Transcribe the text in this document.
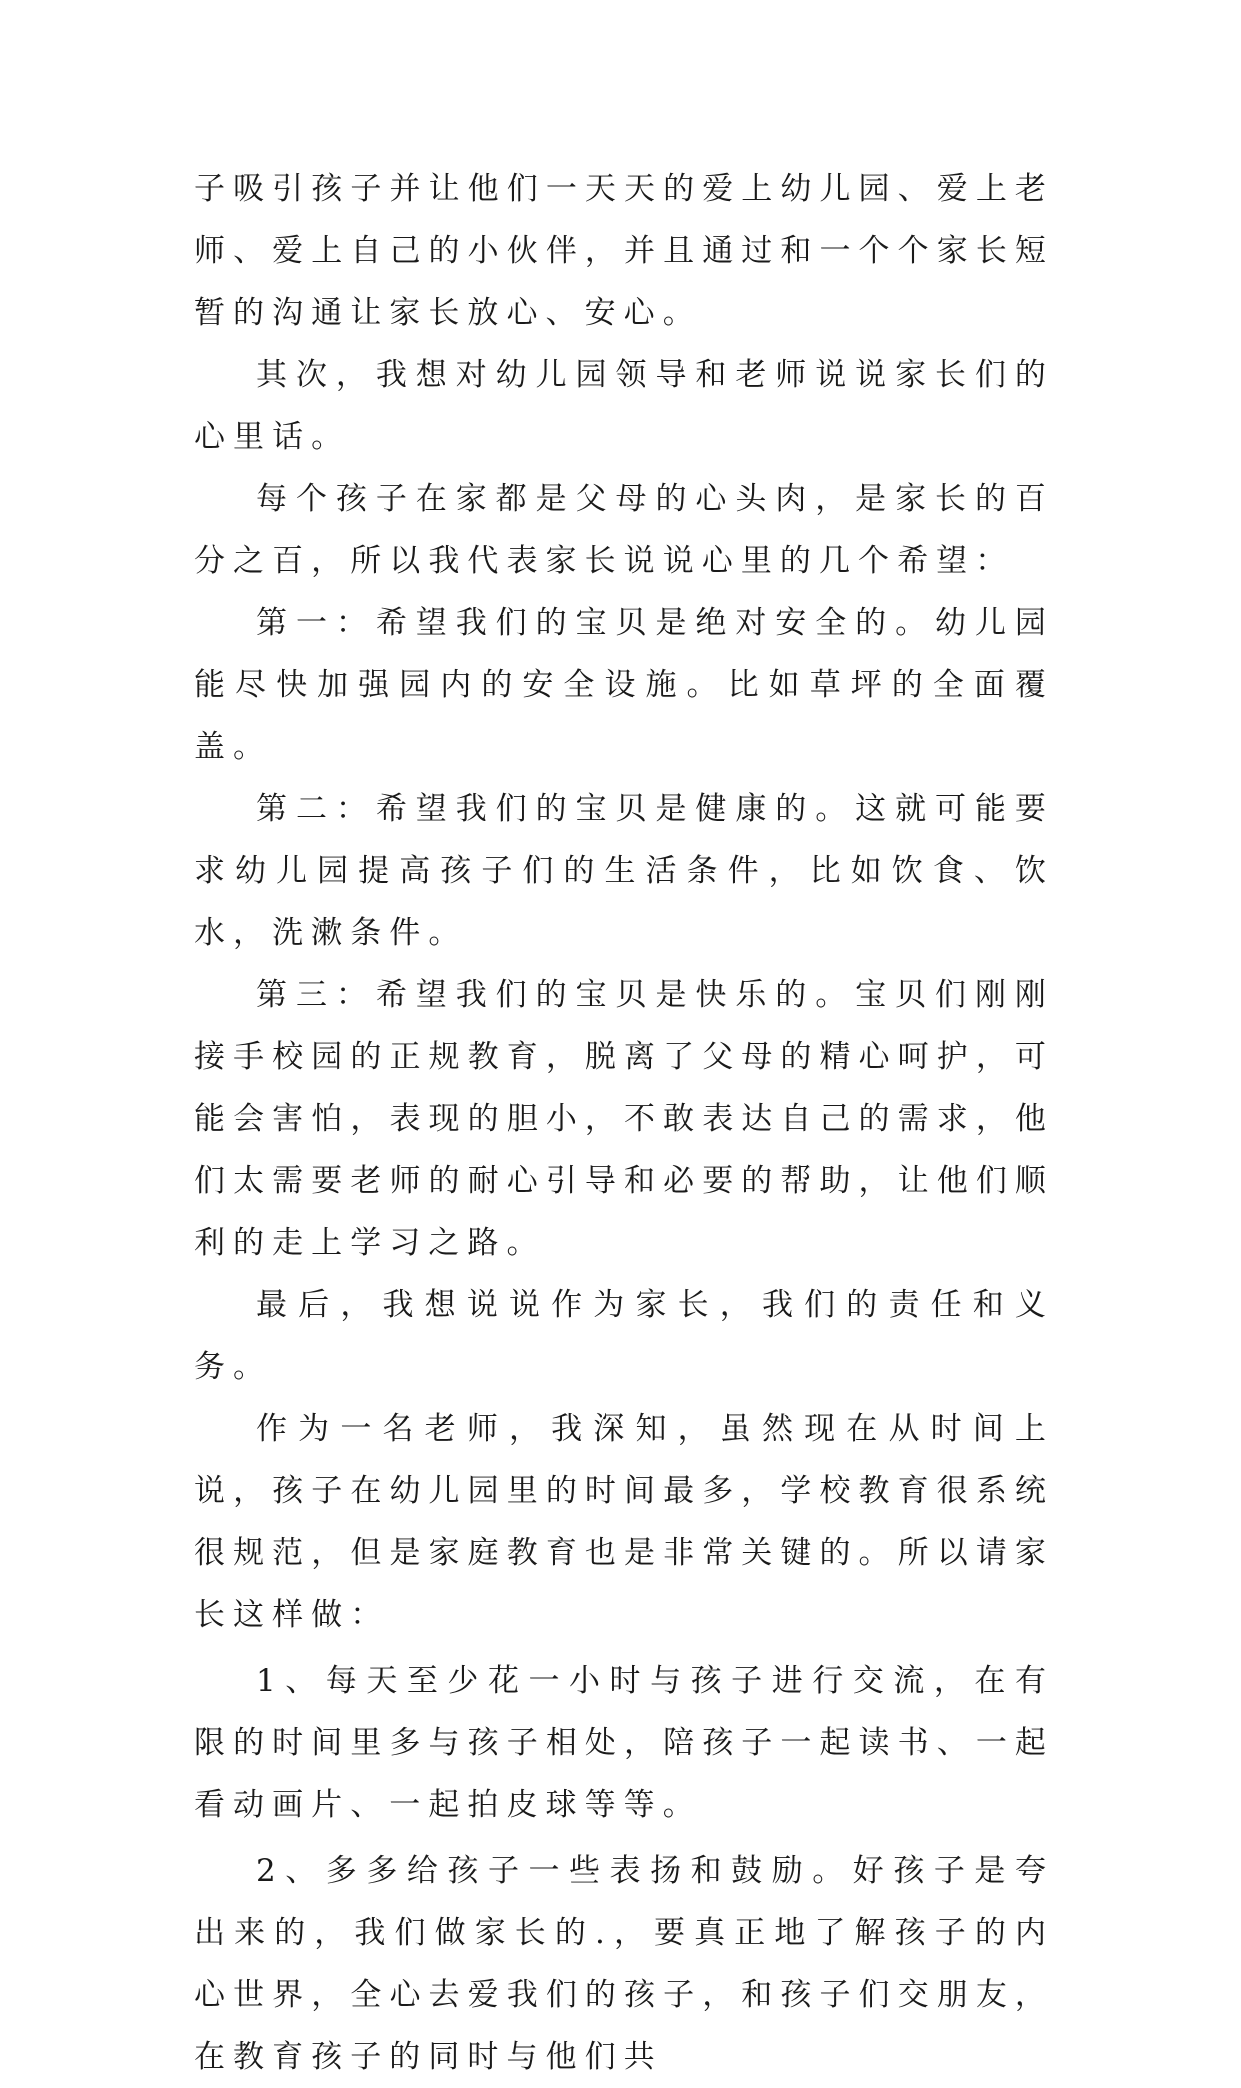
子吸引孩子并让他们一天天的爱上幼儿园、爱上老师、爱上自己的小伙伴，并且通过和一个个家长短暂的沟通让家长放心、安心。

其次，我想对幼儿园领导和老师说说家长们的心里话。

每个孩子在家都是父母的心头肉，是家长的百分之百，所以我代表家长说说心里的几个希望：

第一：希望我们的宝贝是绝对安全的。幼儿园能尽快加强园内的安全设施。比如草坪的全面覆盖。

第二：希望我们的宝贝是健康的。这就可能要求幼儿园提高孩子们的生活条件，比如饮食、饮水，洗漱条件。

第三：希望我们的宝贝是快乐的。宝贝们刚刚接手校园的正规教育，脱离了父母的精心呵护，可能会害怕，表现的胆小，不敢表达自己的需求，他们太需要老师的耐心引导和必要的帮助，让他们顺利的走上学习之路。

最后，我想说说作为家长，我们的责任和义务。

作为一名老师，我深知，虽然现在从时间上说，孩子在幼儿园里的时间最多，学校教育很系统很规范，但是家庭教育也是非常关键的。所以请家长这样做：

1、每天至少花一小时与孩子进行交流，在有限的时间里多与孩子相处，陪孩子一起读书、一起看动画片、一起拍皮球等等。

2、多多给孩子一些表扬和鼓励。好孩子是夸出来的，我们做家长的.，要真正地了解孩子的内心世界，全心去爱我们的孩子，和孩子们交朋友，在教育孩子的同时与他们共
